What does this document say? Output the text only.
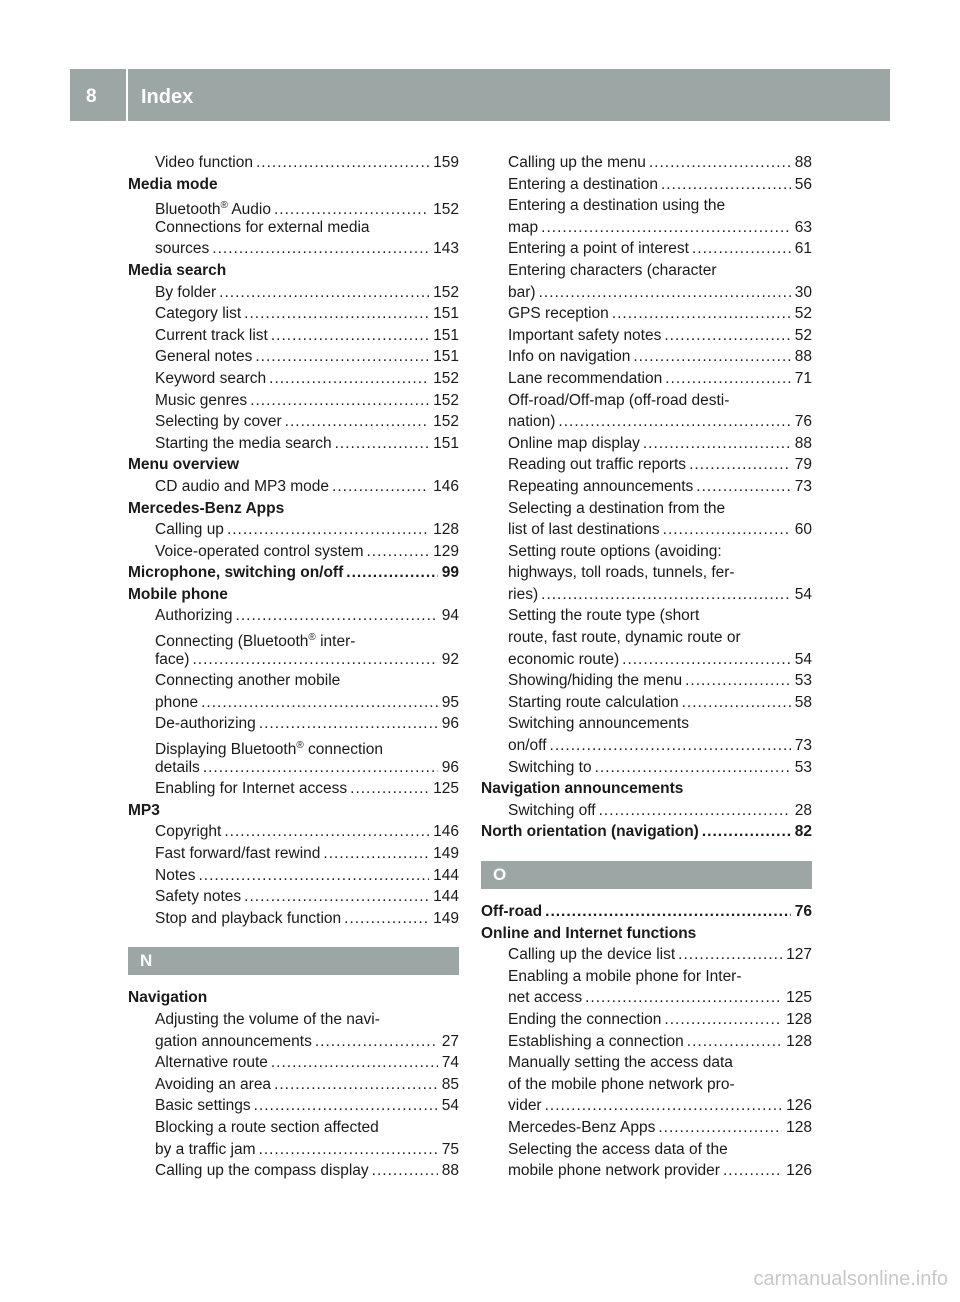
8 Index
Video function .....	159
Media mode
Bluetooth® Audio .....	152
Connections for external media
sources .....	143
Media search
By folder .....	152
Category list .....	151
Current track list .....	151
General notes .....	151
Keyword search .....	152
Music genres .....	152
Selecting by cover .....	152
Starting the media search .....	151
Menu overview
CD audio and MP3 mode .....	146
Mercedes-Benz Apps
Calling up .....	128
Voice-operated control system .....	129
Microphone, switching on/off .....	99
Mobile phone
Authorizing .....	94
Connecting (Bluetooth® inter-
face) .....	92
Connecting another mobile
phone .....	95
De-authorizing .....	96
Displaying Bluetooth® connection
details .....	96
Enabling for Internet access .....	125
MP3
Copyright .....	146
Fast forward/fast rewind .....	149
Notes .....	144
Safety notes .....	144
Stop and playback function .....	149
N
Navigation
Adjusting the volume of the navi-
gation announcements .....	27
Alternative route .....	74
Avoiding an area .....	85
Basic settings .....	54
Blocking a route section affected
by a traffic jam .....	75
Calling up the compass display .....	88
Calling up the menu .....	88
Entering a destination .....	56
Entering a destination using the
map .....	63
Entering a point of interest .....	61
Entering characters (character
bar) .....	30
GPS reception .....	52
Important safety notes .....	52
Info on navigation .....	88
Lane recommendation .....	71
Off-road/Off-map (off-road desti-
nation) .....	76
Online map display .....	88
Reading out traffic reports .....	79
Repeating announcements .....	73
Selecting a destination from the
list of last destinations .....	60
Setting route options (avoiding:
highways, toll roads, tunnels, fer-
ries) .....	54
Setting the route type (short
route, fast route, dynamic route or
economic route) .....	54
Showing/hiding the menu .....	53
Starting route calculation .....	58
Switching announcements
on/off .....	73
Switching to .....	53
Navigation announcements
Switching off .....	28
North orientation (navigation) .....	82
O
Off-road .....	76
Online and Internet functions
Calling up the device list .....	127
Enabling a mobile phone for Inter-
net access .....	125
Ending the connection .....	128
Establishing a connection .....	128
Manually setting the access data
of the mobile phone network pro-
vider .....	126
Mercedes-Benz Apps .....	128
Selecting the access data of the
mobile phone network provider .....	126
carmanualsonline.info
